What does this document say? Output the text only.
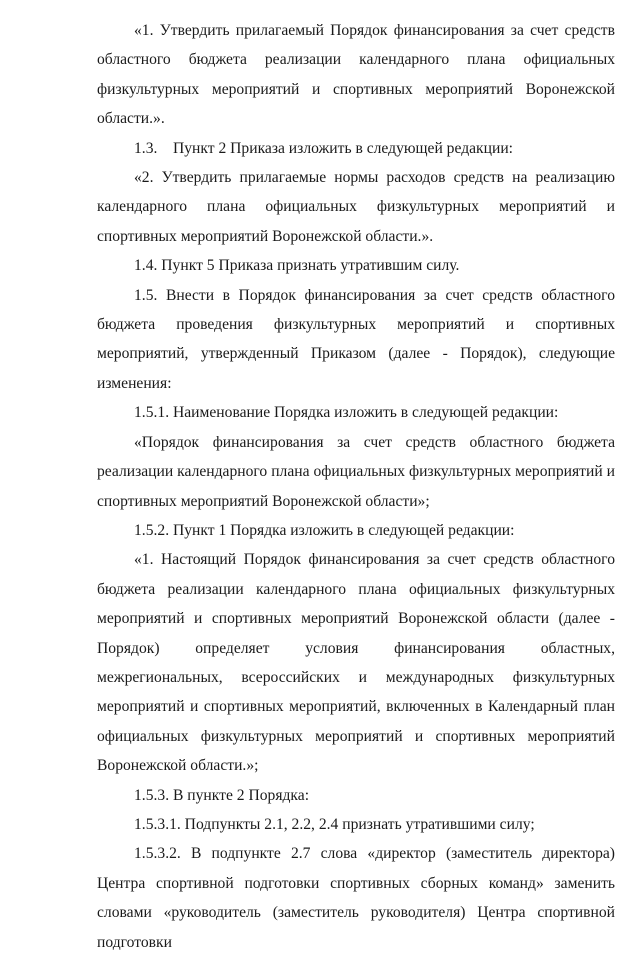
«1. Утвердить прилагаемый Порядок финансирования за счет средств областного бюджета реализации календарного плана официальных физкультурных мероприятий и спортивных мероприятий Воронежской области.».

1.3.    Пункт 2 Приказа изложить в следующей редакции:

«2. Утвердить прилагаемые нормы расходов средств на реализацию календарного плана официальных физкультурных мероприятий и спортивных мероприятий Воронежской области.».

1.4. Пункт 5 Приказа признать утратившим силу.

1.5. Внести в Порядок финансирования за счет средств областного бюджета проведения физкультурных мероприятий и спортивных мероприятий, утвержденный Приказом (далее - Порядок), следующие изменения:

1.5.1. Наименование Порядка изложить в следующей редакции:

«Порядок финансирования за счет средств областного бюджета реализации календарного плана официальных физкультурных мероприятий и спортивных мероприятий Воронежской области»;

1.5.2. Пункт 1 Порядка изложить в следующей редакции:

«1. Настоящий Порядок финансирования за счет средств областного бюджета реализации календарного плана официальных физкультурных мероприятий и спортивных мероприятий Воронежской области (далее - Порядок) определяет условия финансирования областных, межрегиональных, всероссийских и международных физкультурных мероприятий и спортивных мероприятий, включенных в Календарный план официальных физкультурных мероприятий и спортивных мероприятий Воронежской области.»;

1.5.3. В пункте 2 Порядка:

1.5.3.1. Подпункты 2.1, 2.2, 2.4 признать утратившими силу;

1.5.3.2. В подпункте 2.7 слова «директор (заместитель директора) Центра спортивной подготовки спортивных сборных команд» заменить словами «руководитель (заместитель руководителя) Центра спортивной подготовки
